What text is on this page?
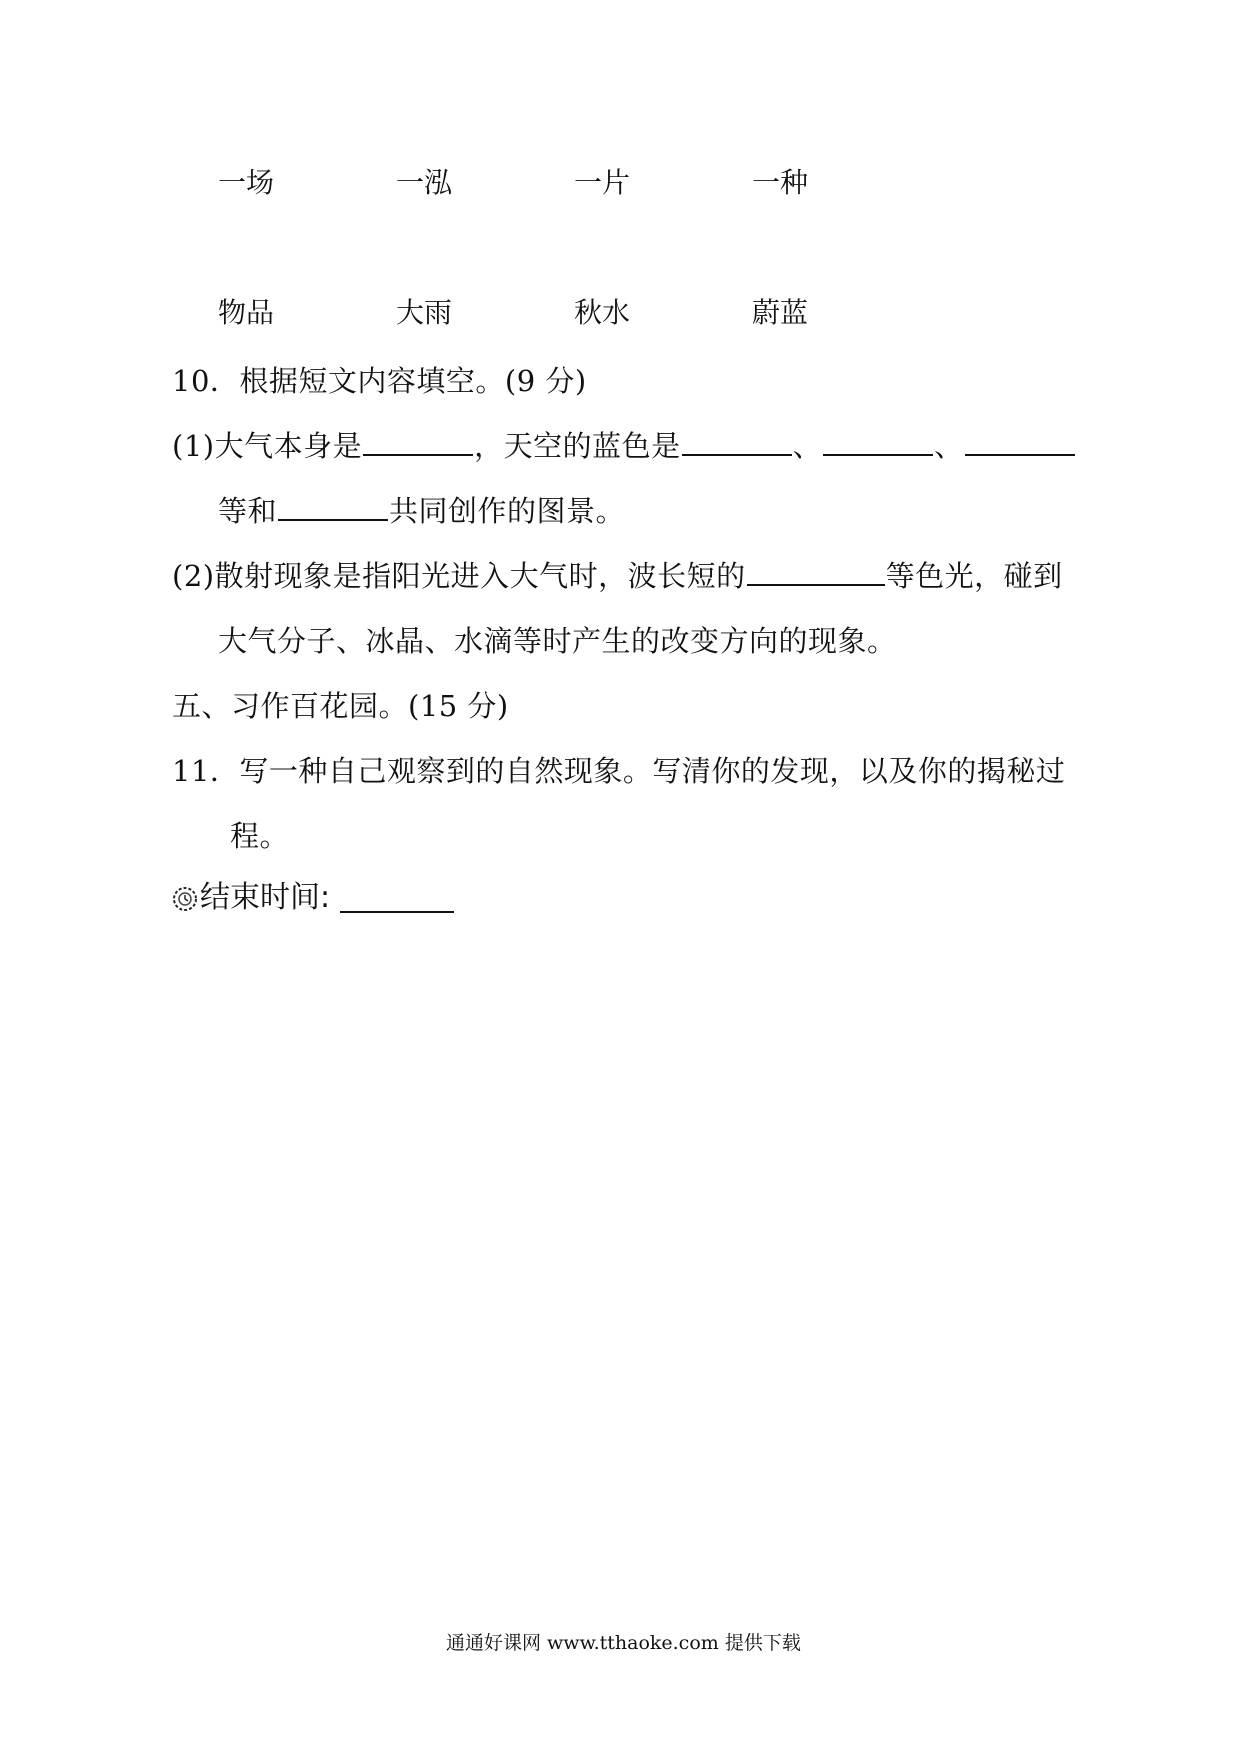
一场	一泓	一片	一种
物品	大雨	秋水	蔚蓝
10．根据短文内容填空。(9 分)
(1)大气本身是	，天空的蓝色是	、	、
等和	共同创作的图景。
(2)散射现象是指阳光进入大气时，波长短的	等色光，碰到
大气分子、冰晶、水滴等时产生的改变方向的现象。
五、习作百花园。(15 分)
11．写一种自己观察到的自然现象。写清你的发现，以及你的揭秘过
程。
结束时间:
通通好课网 www.tthaoke.com 提供下载
